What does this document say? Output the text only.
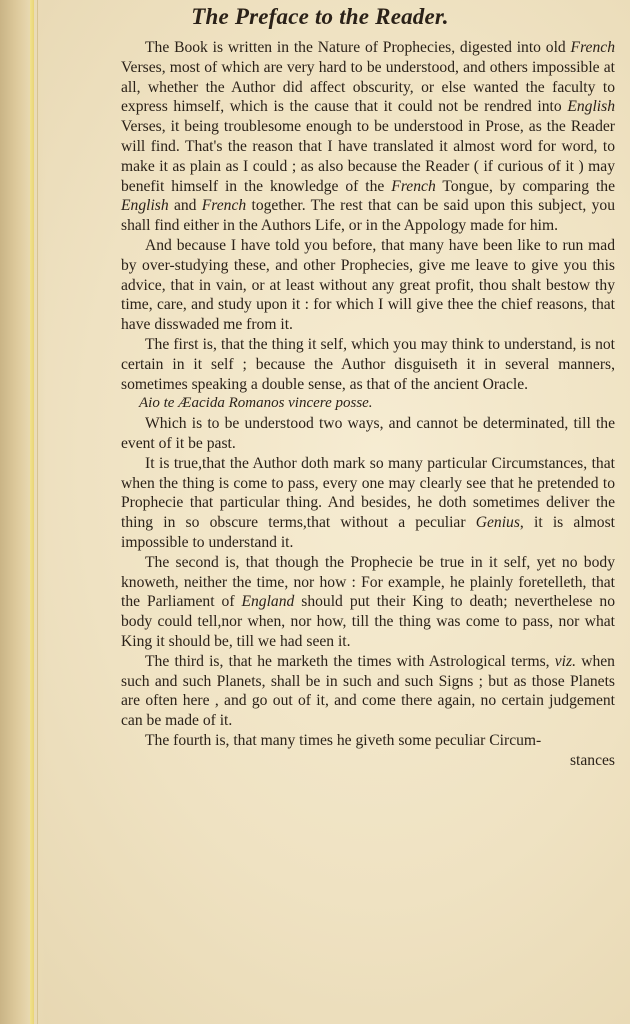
The Preface to the Reader.

The Book is written in the Nature of Prophecies, digested into old French Verses, most of which are very hard to be understood, and others impossible at all, whether the Author did affect obscurity, or else wanted the faculty to express himself, which is the cause that it could not be rendred into English Verses, it being troublesome enough to be understood in Prose, as the Reader will find. That's the reason that I have translated it almost word for word, to make it as plain as I could ; as also because the Reader ( if curious of it ) may benefit himself in the knowledge of the French Tongue, by comparing the English and French together. The rest that can be said upon this subject, you shall find either in the Authors Life, or in the Appology made for him.

And because I have told you before, that many have been like to run mad by over-studying these, and other Prophecies, give me leave to give you this advice, that in vain, or at least without any great profit, thou shalt bestow thy time, care, and study upon it : for which I will give thee the chief reasons, that have disswaded me from it.

The first is, that the thing it self, which you may think to understand, is not certain in it self ; because the Author disguiseth it in several manners, sometimes speaking a double sense, as that of the ancient Oracle.

Aio te Æacida Romanos vincere posse.

Which is to be understood two ways, and cannot be determinated, till the event of it be past.

It is true,that the Author doth mark so many particular Circumstances, that when the thing is come to pass, every one may clearly see that he pretended to Prophecie that particular thing. And besides, he doth sometimes deliver the thing in so obscure terms,that without a peculiar Genius, it is almost impossible to understand it.

The second is, that though the Prophecie be true in it self, yet no body knoweth, neither the time, nor how : For example, he plainly foretelleth, that the Parliament of England should put their King to death; neverthelese no body could tell,nor when, nor how, till the thing was come to pass, nor what King it should be, till we had seen it.

The third is, that he marketh the times with Astrological terms, viz. when such and such Planets, shall be in such and such Signs ; but as those Planets are often here , and go out of it, and come there again, no certain judgement can be made of it.

The fourth is, that many times he giveth some peculiar Circum-

stances
